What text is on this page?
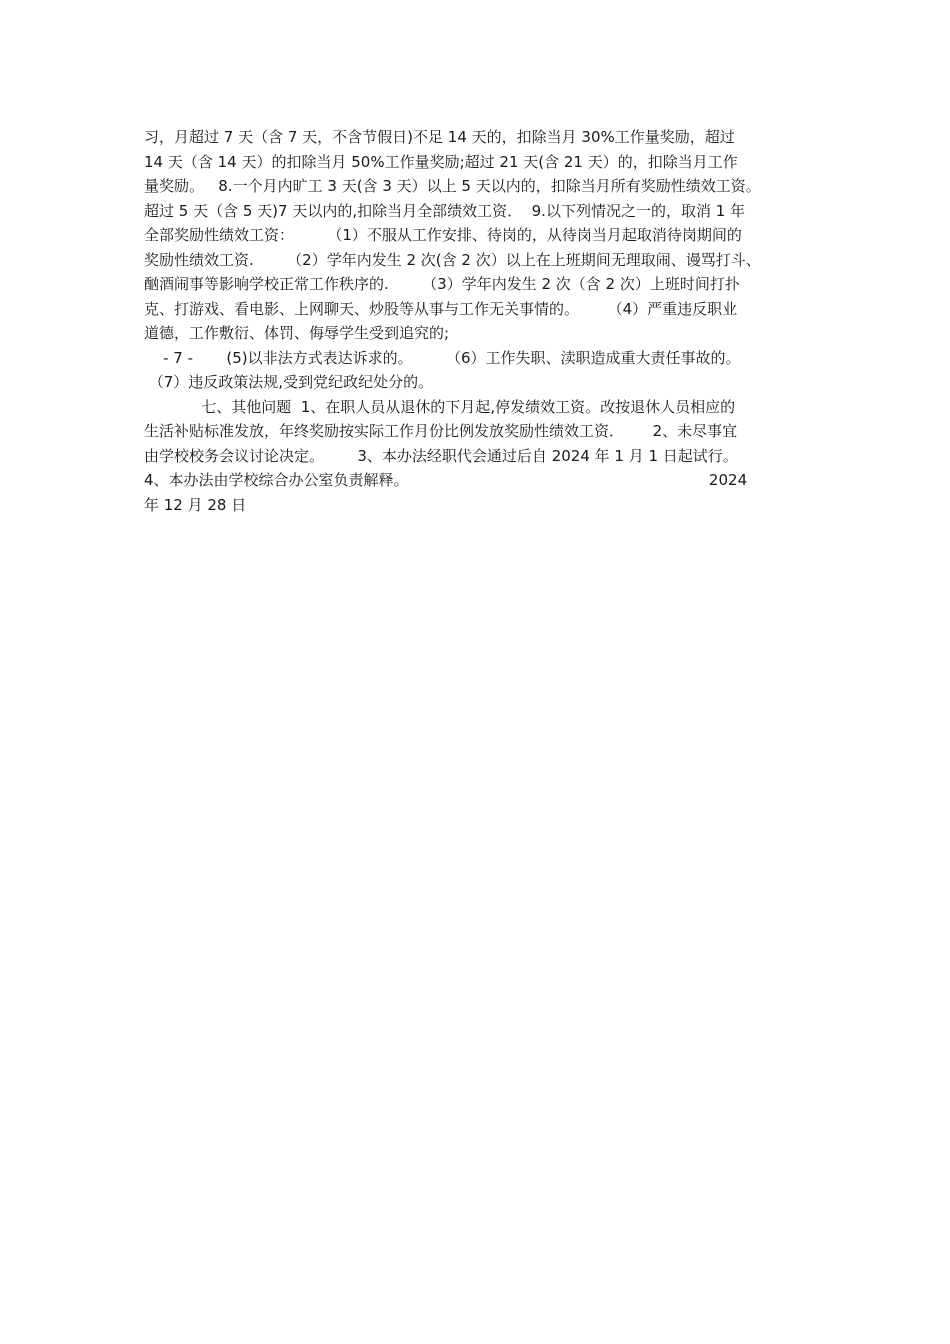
习，月超过 7 天（含 7 天，不含节假日)不足 14 天的，扣除当月 30%工作量奖励，超过
14 天（含 14 天）的扣除当月 50%工作量奖励;超过 21 天(含 21 天）的，扣除当月工作
量奖励。   8.一个月内旷工 3 天(含 3 天）以上 5 天以内的，扣除当月所有奖励性绩效工资。
超过 5 天（含 5 天)7 天以内的,扣除当月全部绩效工资．  9.以下列情况之一的，取消 1 年
全部奖励性绩效工资：       （1）不服从工作安排、待岗的，从待岗当月起取消待岗期间的
奖励性绩效工资.       （2）学年内发生 2 次(含 2 次）以上在上班期间无理取闹、谩骂打斗、
酗酒闹事等影响学校正常工作秩序的.       （3）学年内发生 2 次（含 2 次）上班时间打扑
克、打游戏、看电影、上网聊天、炒股等从事与工作无关事情的。      （4）严重违反职业
道德，工作敷衍、体罚、侮辱学生受到追究的;
- 7 -       (5)以非法方式表达诉求的。       （6）工作失职、渎职造成重大责任事故的。
（7）违反政策法规,受到党纪政纪处分的。
七、其他问题  1、在职人员从退休的下月起,停发绩效工资。改按退休人员相应的
生活补贴标准发放，年终奖励按实际工作月份比例发放奖励性绩效工资．      2、未尽事宜
由学校校务会议讨论决定。       3、本办法经职代会通过后自 2024 年 1 月 1 日起试行。
4、本办法由学校综合办公室负责解释。                                                               2024
年 12 月 28 日
